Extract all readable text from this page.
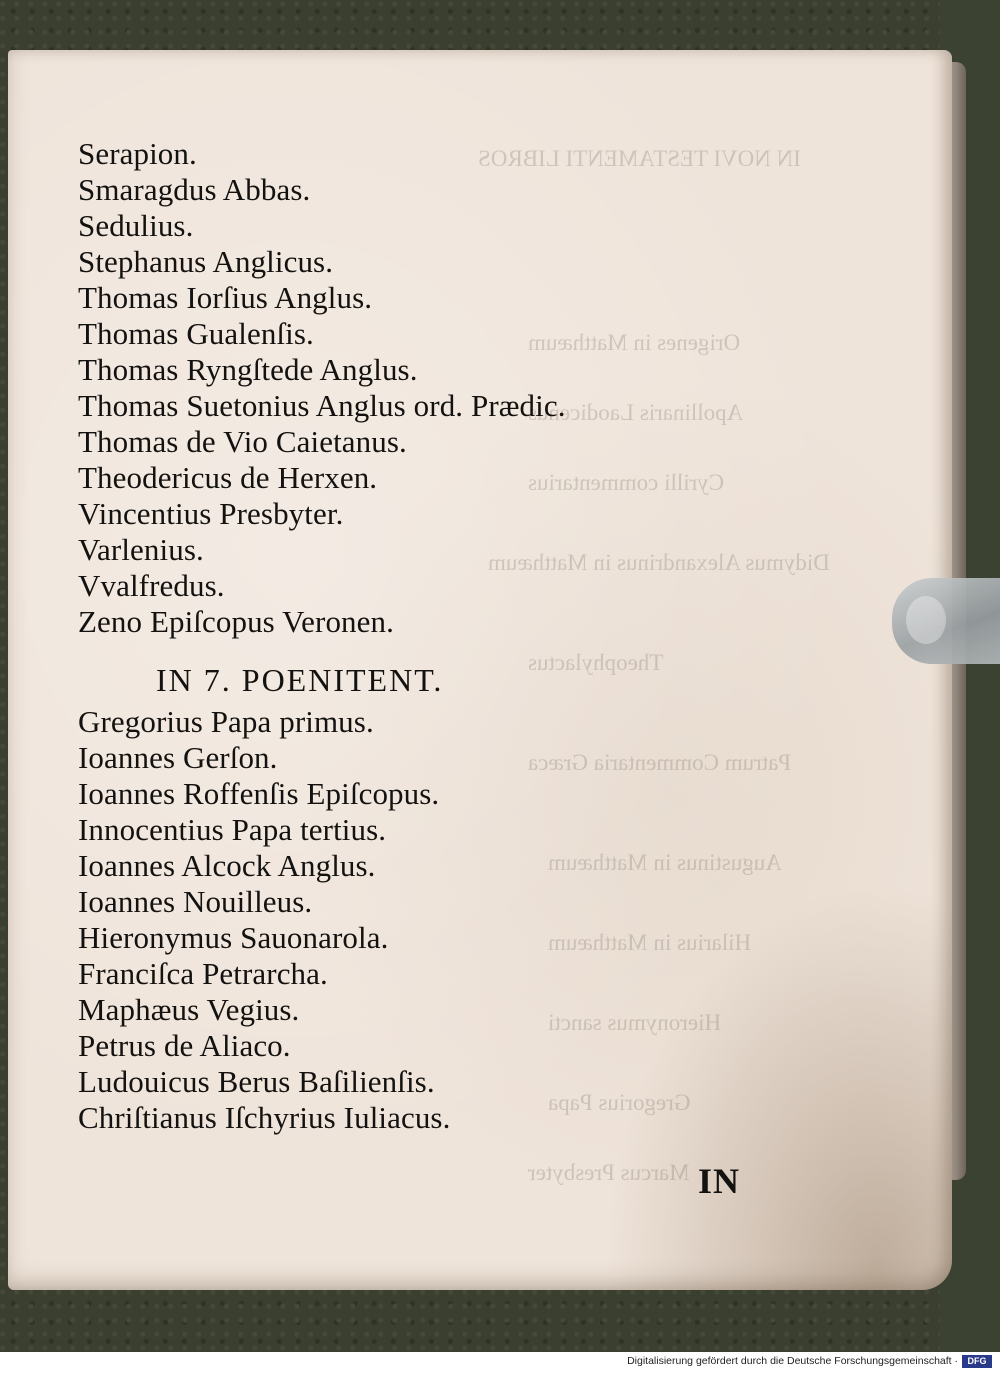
IN NOVI TESTAMENTI LIBROS
Origenes in Matthæum
Apollinaris Laodicenus
Cyrilli commentarius
Didymus Alexandrinus in Matthæum
Theophylactus
Patrum Commentaria Græca
Augustinus in Matthæum
Hilarius in Matthæum
Hieronymus sancti
Gregorius Papa
Marcus Presbyter
Serapion.
Smaragdus Abbas.
Sedulius.
Stephanus Anglicus.
Thomas Iorſius Anglus.
Thomas Gualenſis.
Thomas Ryngſtede Anglus.
Thomas Suetonius Anglus ord. Prædic.
Thomas de Vio Caietanus.
Theodericus de Herxen.
Vincentius Presbyter.
Varlenius.
Vvalfredus.
Zeno Epiſcopus Veronen.
IN 7. POENITENT.
Gregorius Papa primus.
Ioannes Gerſon.
Ioannes Roffenſis Epiſcopus.
Innocentius Papa tertius.
Ioannes Alcock Anglus.
Ioannes Nouilleus.
Hieronymus Sauonarola.
Franciſca Petrarcha.
Maphæus Vegius.
Petrus de Aliaco.
Ludouicus Berus Baſilienſis.
Chriſtianus Iſchyrius Iuliacus.
IN
Digitalisierung gefördert durch die Deutsche Forschungsgemeinschaft ·	DFG
